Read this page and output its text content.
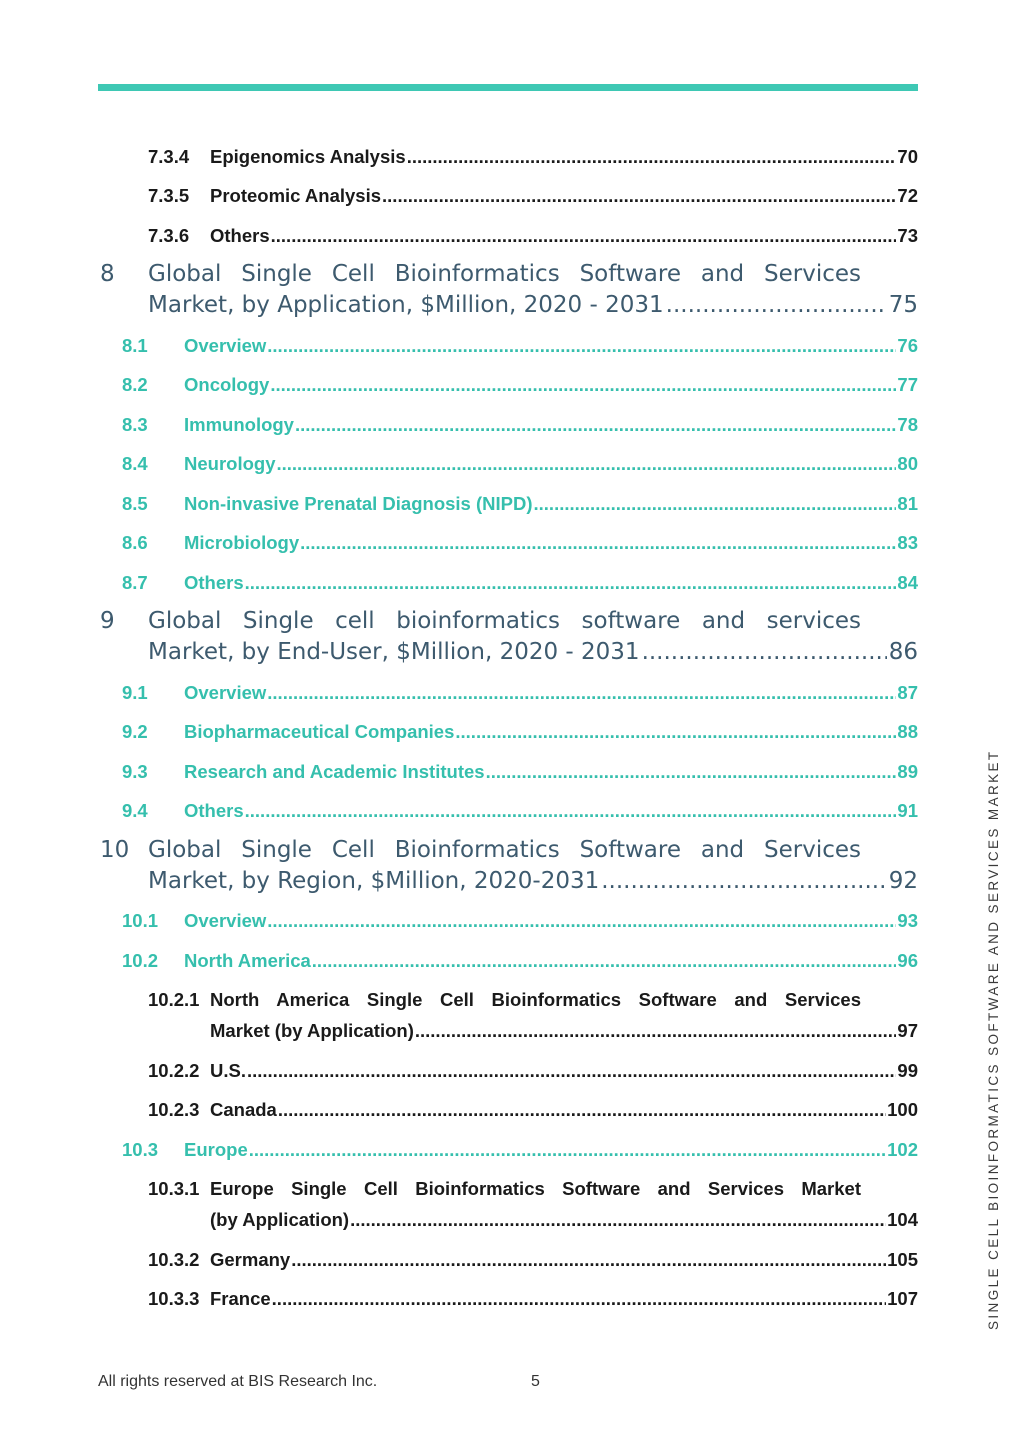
SINGLE CELL BIOINFORMATICS SOFTWARE AND SERVICES MARKET
7.3.4	Epigenomics Analysis .....	70
7.3.5	Proteomic Analysis .....	72
7.3.6	Others .....	73
8 Global Single Cell Bioinformatics Software and Services
Market, by Application, $Million, 2020 - 2031 .....	75
8.1	Overview .....	76
8.2	Oncology .....	77
8.3	Immunology .....	78
8.4	Neurology .....	80
8.5	Non-invasive Prenatal Diagnosis (NIPD) .....	81
8.6	Microbiology .....	83
8.7	Others .....	84
9 Global Single cell bioinformatics software and services
Market, by End-User, $Million, 2020 - 2031 .....	86
9.1	Overview .....	87
9.2	Biopharmaceutical Companies .....	88
9.3	Research and Academic Institutes .....	89
9.4	Others .....	91
10 Global Single Cell Bioinformatics Software and Services
Market, by Region, $Million, 2020-2031 .....	92
10.1	Overview .....	93
10.2	North America .....	96
10.2.1 North America Single Cell Bioinformatics Software and Services
Market (by Application) .....	97
10.2.2 U.S. .....	99
10.2.3 Canada .....	100
10.3	Europe .....	102
10.3.1 Europe Single Cell Bioinformatics Software and Services Market
(by Application) .....	104
10.3.2 Germany .....	105
10.3.3 France .....	107
All rights reserved at BIS Research Inc.	5
